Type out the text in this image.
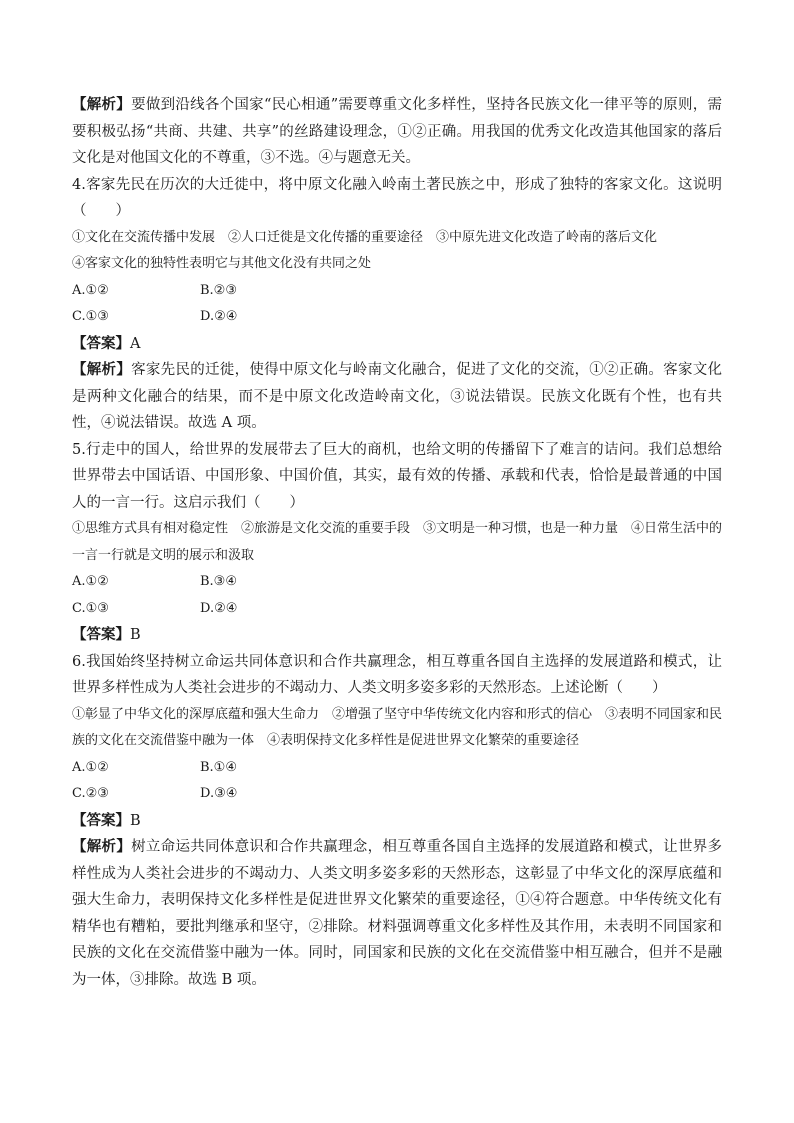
【解析】要做到沿线各个国家“民心相通”需要尊重文化多样性，坚持各民族文化一律平等的原则，需要积极弘扬“共商、共建、共享”的丝路建设理念，①②正确。用我国的优秀文化改造其他国家的落后文化是对他国文化的不尊重，③不选。④与题意无关。

4.客家先民在历次的大迁徙中，将中原文化融入岭南土著民族之中，形成了独特的客家文化。这说明（　　）

①文化在交流传播中发展　②人口迁徙是文化传播的重要途径　③中原先进文化改造了岭南的落后文化

④客家文化的独特性表明它与其他文化没有共同之处

A.①②	B.②③
C.①③	D.②④

【答案】A

【解析】客家先民的迁徙，使得中原文化与岭南文化融合，促进了文化的交流，①②正确。客家文化是两种文化融合的结果，而不是中原文化改造岭南文化，③说法错误。民族文化既有个性，也有共性，④说法错误。故选 A 项。

5.行走中的国人，给世界的发展带去了巨大的商机，也给文明的传播留下了难言的诘问。我们总想给世界带去中国话语、中国形象、中国价值，其实，最有效的传播、承载和代表，恰恰是最普通的中国人的一言一行。这启示我们（　　）

①思维方式具有相对稳定性　②旅游是文化交流的重要手段　③文明是一种习惯，也是一种力量　④日常生活中的一言一行就是文明的展示和汲取

A.①②	B.③④
C.①③	D.②④

【答案】B

6.我国始终坚持树立命运共同体意识和合作共赢理念，相互尊重各国自主选择的发展道路和模式，让世界多样性成为人类社会进步的不竭动力、人类文明多姿多彩的天然形态。上述论断（　　）

①彰显了中华文化的深厚底蕴和强大生命力　②增强了坚守中华传统文化内容和形式的信心　③表明不同国家和民族的文化在交流借鉴中融为一体　④表明保持文化多样性是促进世界文化繁荣的重要途径

A.①②	B.①④
C.②③	D.③④

【答案】B

【解析】树立命运共同体意识和合作共赢理念，相互尊重各国自主选择的发展道路和模式，让世界多样性成为人类社会进步的不竭动力、人类文明多姿多彩的天然形态，这彰显了中华文化的深厚底蕴和强大生命力，表明保持文化多样性是促进世界文化繁荣的重要途径，①④符合题意。中华传统文化有精华也有糟粕，要批判继承和坚守，②排除。材料强调尊重文化多样性及其作用，未表明不同国家和民族的文化在交流借鉴中融为一体。同时，同国家和民族的文化在交流借鉴中相互融合，但并不是融为一体，③排除。故选 B 项。
